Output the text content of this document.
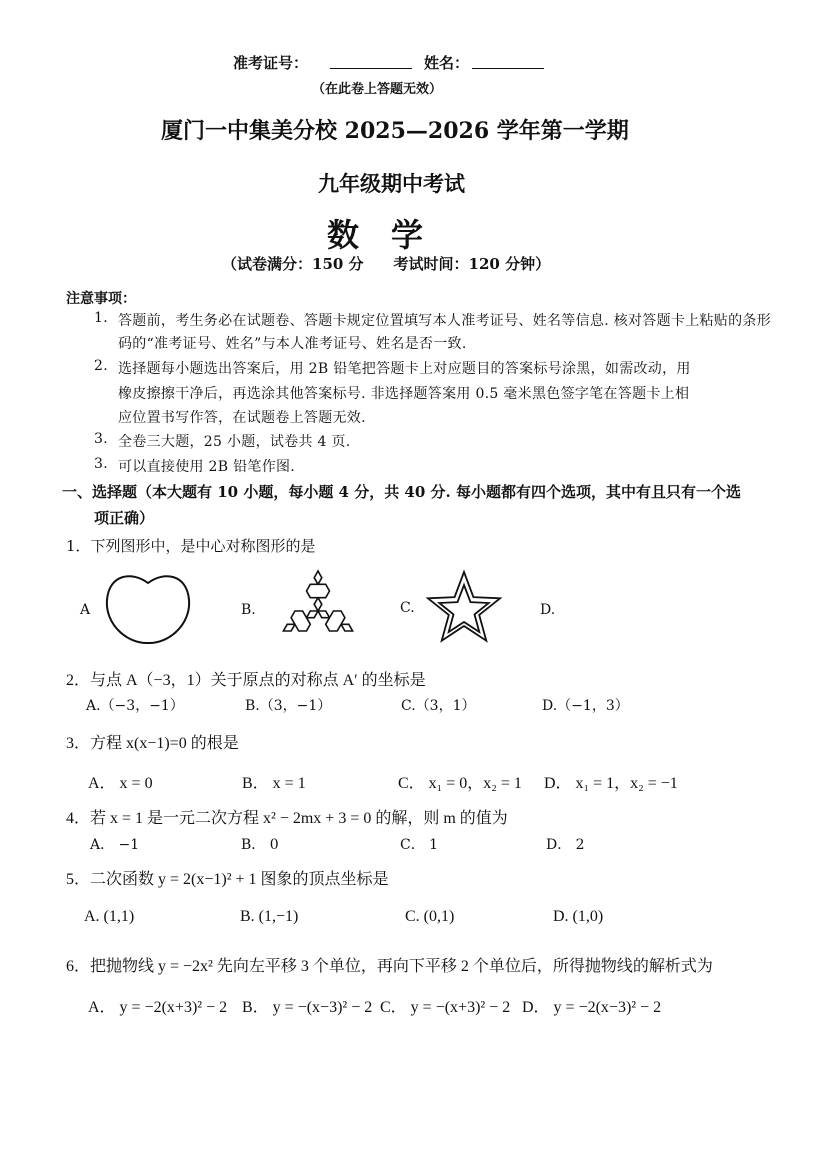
准考证号：	姓名：
（在此卷上答题无效）
厦门一中集美分校 2025—2026 学年第一学期
九年级期中考试
数　学
（试卷满分：150 分　　考试时间：120 分钟）
注意事项：
1. 答题前，考生务必在试题卷、答题卡规定位置填写本人准考证号、姓名等信息. 核对答题卡上粘贴的条形
码的“准考证号、姓名”与本人准考证号、姓名是否一致.
2. 选择题每小题选出答案后，用 2B 铅笔把答题卡上对应题目的答案标号涂黑，如需改动，用
橡皮擦擦干净后，再选涂其他答案标号. 非选择题答案用 0.5 毫米黑色签字笔在答题卡上相
应位置书写作答，在试题卷上答题无效.
3. 全卷三大题，25 小题，试卷共 4 页.
3. 可以直接使用 2B 铅笔作图.
一、选择题（本大题有 10 小题，每小题 4 分，共 40 分. 每小题都有四个选项，其中有且只有一个选
项正确）
1．下列图形中，是中心对称图形的是
A	B.	C.	D.
2．与点 A（−3，1）关于原点的对称点 A′ 的坐标是
A.（−3，−1）	B.（3，−1）	C.（3，1）	D.（−1，3）
3．方程 x(x−1)=0 的根是
A． x = 0	B． x = 1	C． x₁ = 0，x₂ = 1 D． x₁ = 1，x₂ = −1
4．若 x = 1 是一元二次方程 x² − 2mx + 3 = 0 的解，则 m 的值为
A． −1	B． 0	C． 1	D． 2
5．二次函数 y = 2(x−1)² + 1 图象的顶点坐标是
A. (1,1)	B. (1,−1)	C. (0,1)	D. (1,0)
6．把抛物线 y = −2x² 先向左平移 3 个单位，再向下平移 2 个单位后，所得抛物线的解析式为
A． y = −2(x+3)² − 2 B． y = −(x−3)² − 2 C． y = −(x+3)² − 2 D． y = −2(x−3)² − 2
